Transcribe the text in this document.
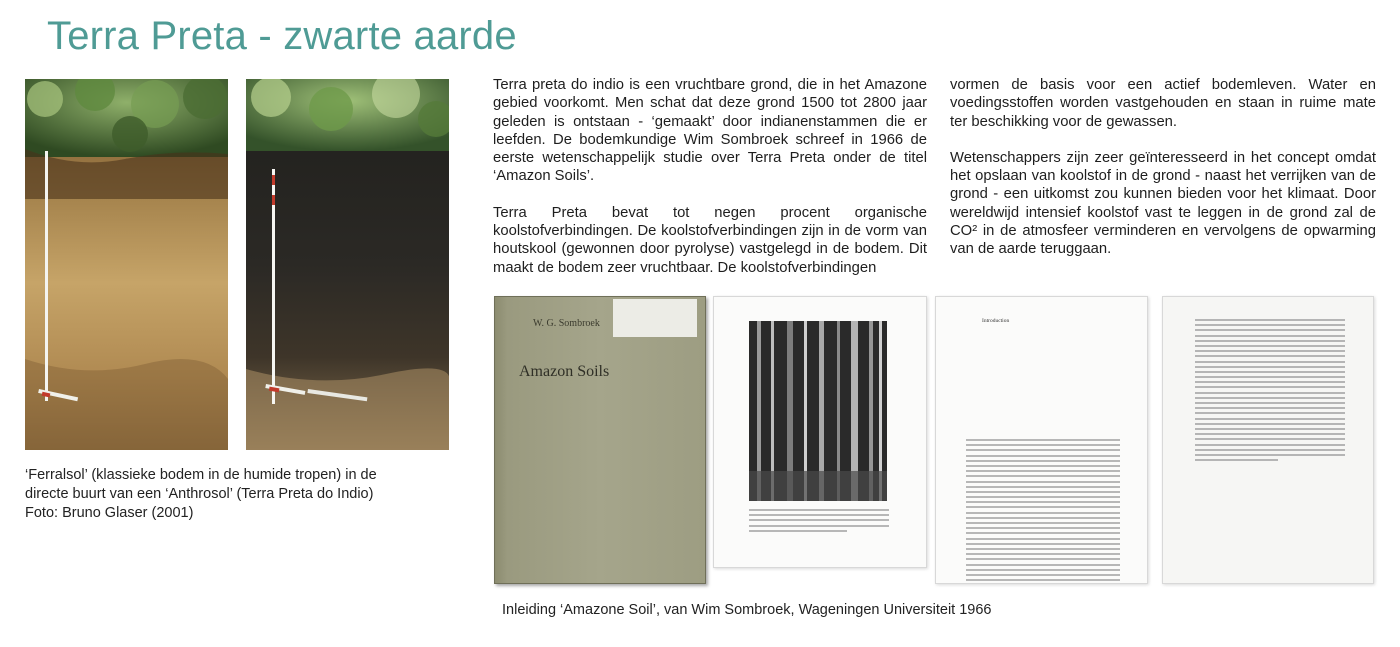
Terra Preta - zwarte aarde
‘Ferralsol’ (klassieke bodem in de humide tropen) in de
directe buurt van een ‘Anthrosol’ (Terra Preta do Indio)
Foto: Bruno Glaser (2001)

Terra preta do indio is een vruchtbare grond, die in het Amazone gebied voorkomt. Men schat dat deze grond 1500 tot 2800 jaar geleden is ontstaan - ‘gemaakt’ door indianenstammen die er leefden. De bodemkundige Wim Sombroek schreef in 1966 de eerste wetenschappelijk studie over Terra Preta onder de titel ‘Amazon Soils’.

Terra Preta bevat tot negen procent organische koolstofverbindingen. De koolstofverbindingen zijn in de vorm van houtskool (gewonnen door pyrolyse) vastgelegd in de bodem. Dit maakt de bodem zeer vruchtbaar. De koolstofverbindingen

vormen de basis voor een actief bodemleven. Water en voedingsstoffen worden vastgehouden en staan in ruime mate ter beschikking voor de gewassen.

Wetenschappers zijn zeer geïnteresseerd in het concept omdat het opslaan van koolstof in de grond - naast het verrijken van de grond - een uitkomst zou kunnen bieden voor het klimaat. Door wereldwijd intensief koolstof vast te leggen in de grond zal de CO² in de atmosfeer verminderen en vervolgens de opwarming van de aarde teruggaan.

W. G. Sombroek
Amazon Soils
Introduction
Inleiding ‘Amazone Soil’, van Wim Sombroek, Wageningen Universiteit 1966
